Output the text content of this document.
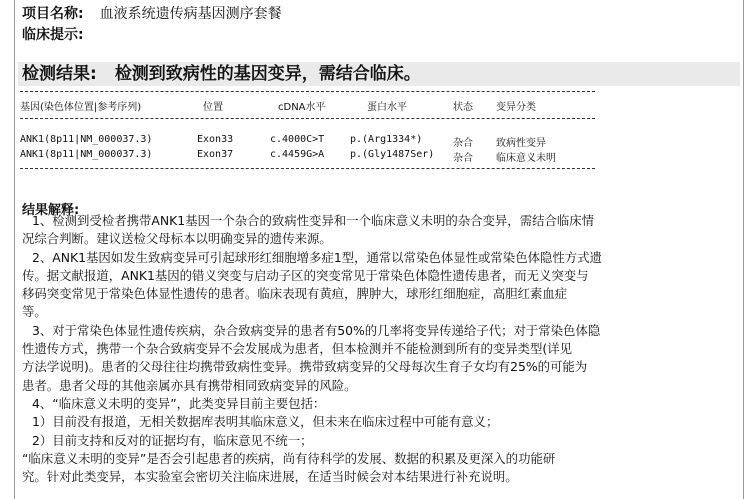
项目名称: 血液系统遗传病基因测序套餐
临床提示:
检测结果: 检测到致病性的基因变异，需结合临床。
基因(染色体位置|参考序列)	位置	cDNA水平	蛋白水平	状态 变异分类
ANK1(8p11|NM_000037.3)	Exon33	c.4000C>T	p.(Arg1334*)	杂合 致病性变异
ANK1(8p11|NM_000037.3)	Exon37	c.4459G>A	p.(Gly1487Ser) 杂合 临床意义未明
结果解释:
1、检测到受检者携带ANK1基因一个杂合的致病性变异和一个临床意义未明的杂合变异，需结合临床情
况综合判断。建议送检父母标本以明确变异的遗传来源。
2、ANK1基因如发生致病变异可引起球形红细胞增多症1型，通常以常染色体显性或常染色体隐性方式遗
传。据文献报道，ANK1基因的错义突变与启动子区的突变常见于常染色体隐性遗传患者，而无义突变与
移码突变常见于常染色体显性遗传的患者。临床表现有黄疸，脾肿大，球形红细胞症，高胆红素血症
等。
3、对于常染色体显性遗传疾病，杂合致病变异的患者有50%的几率将变异传递给子代；对于常染色体隐
性遗传方式，携带一个杂合致病变异不会发展成为患者，但本检测并不能检测到所有的变异类型(详见
方法学说明)。患者的父母往往均携带致病性变异。携带致病变异的父母每次生育子女均有25%的可能为
患者。患者父母的其他亲属亦具有携带相同致病变异的风险。
4、“临床意义未明的变异”，此类变异目前主要包括：
1）目前没有报道，无相关数据库表明其临床意义，但未来在临床过程中可能有意义；
2）目前支持和反对的证据均有，临床意见不统一；
“临床意义未明的变异”是否会引起患者的疾病，尚有待科学的发展、数据的积累及更深入的功能研
究。针对此类变异，本实验室会密切关注临床进展，在适当时候会对本结果进行补充说明。
